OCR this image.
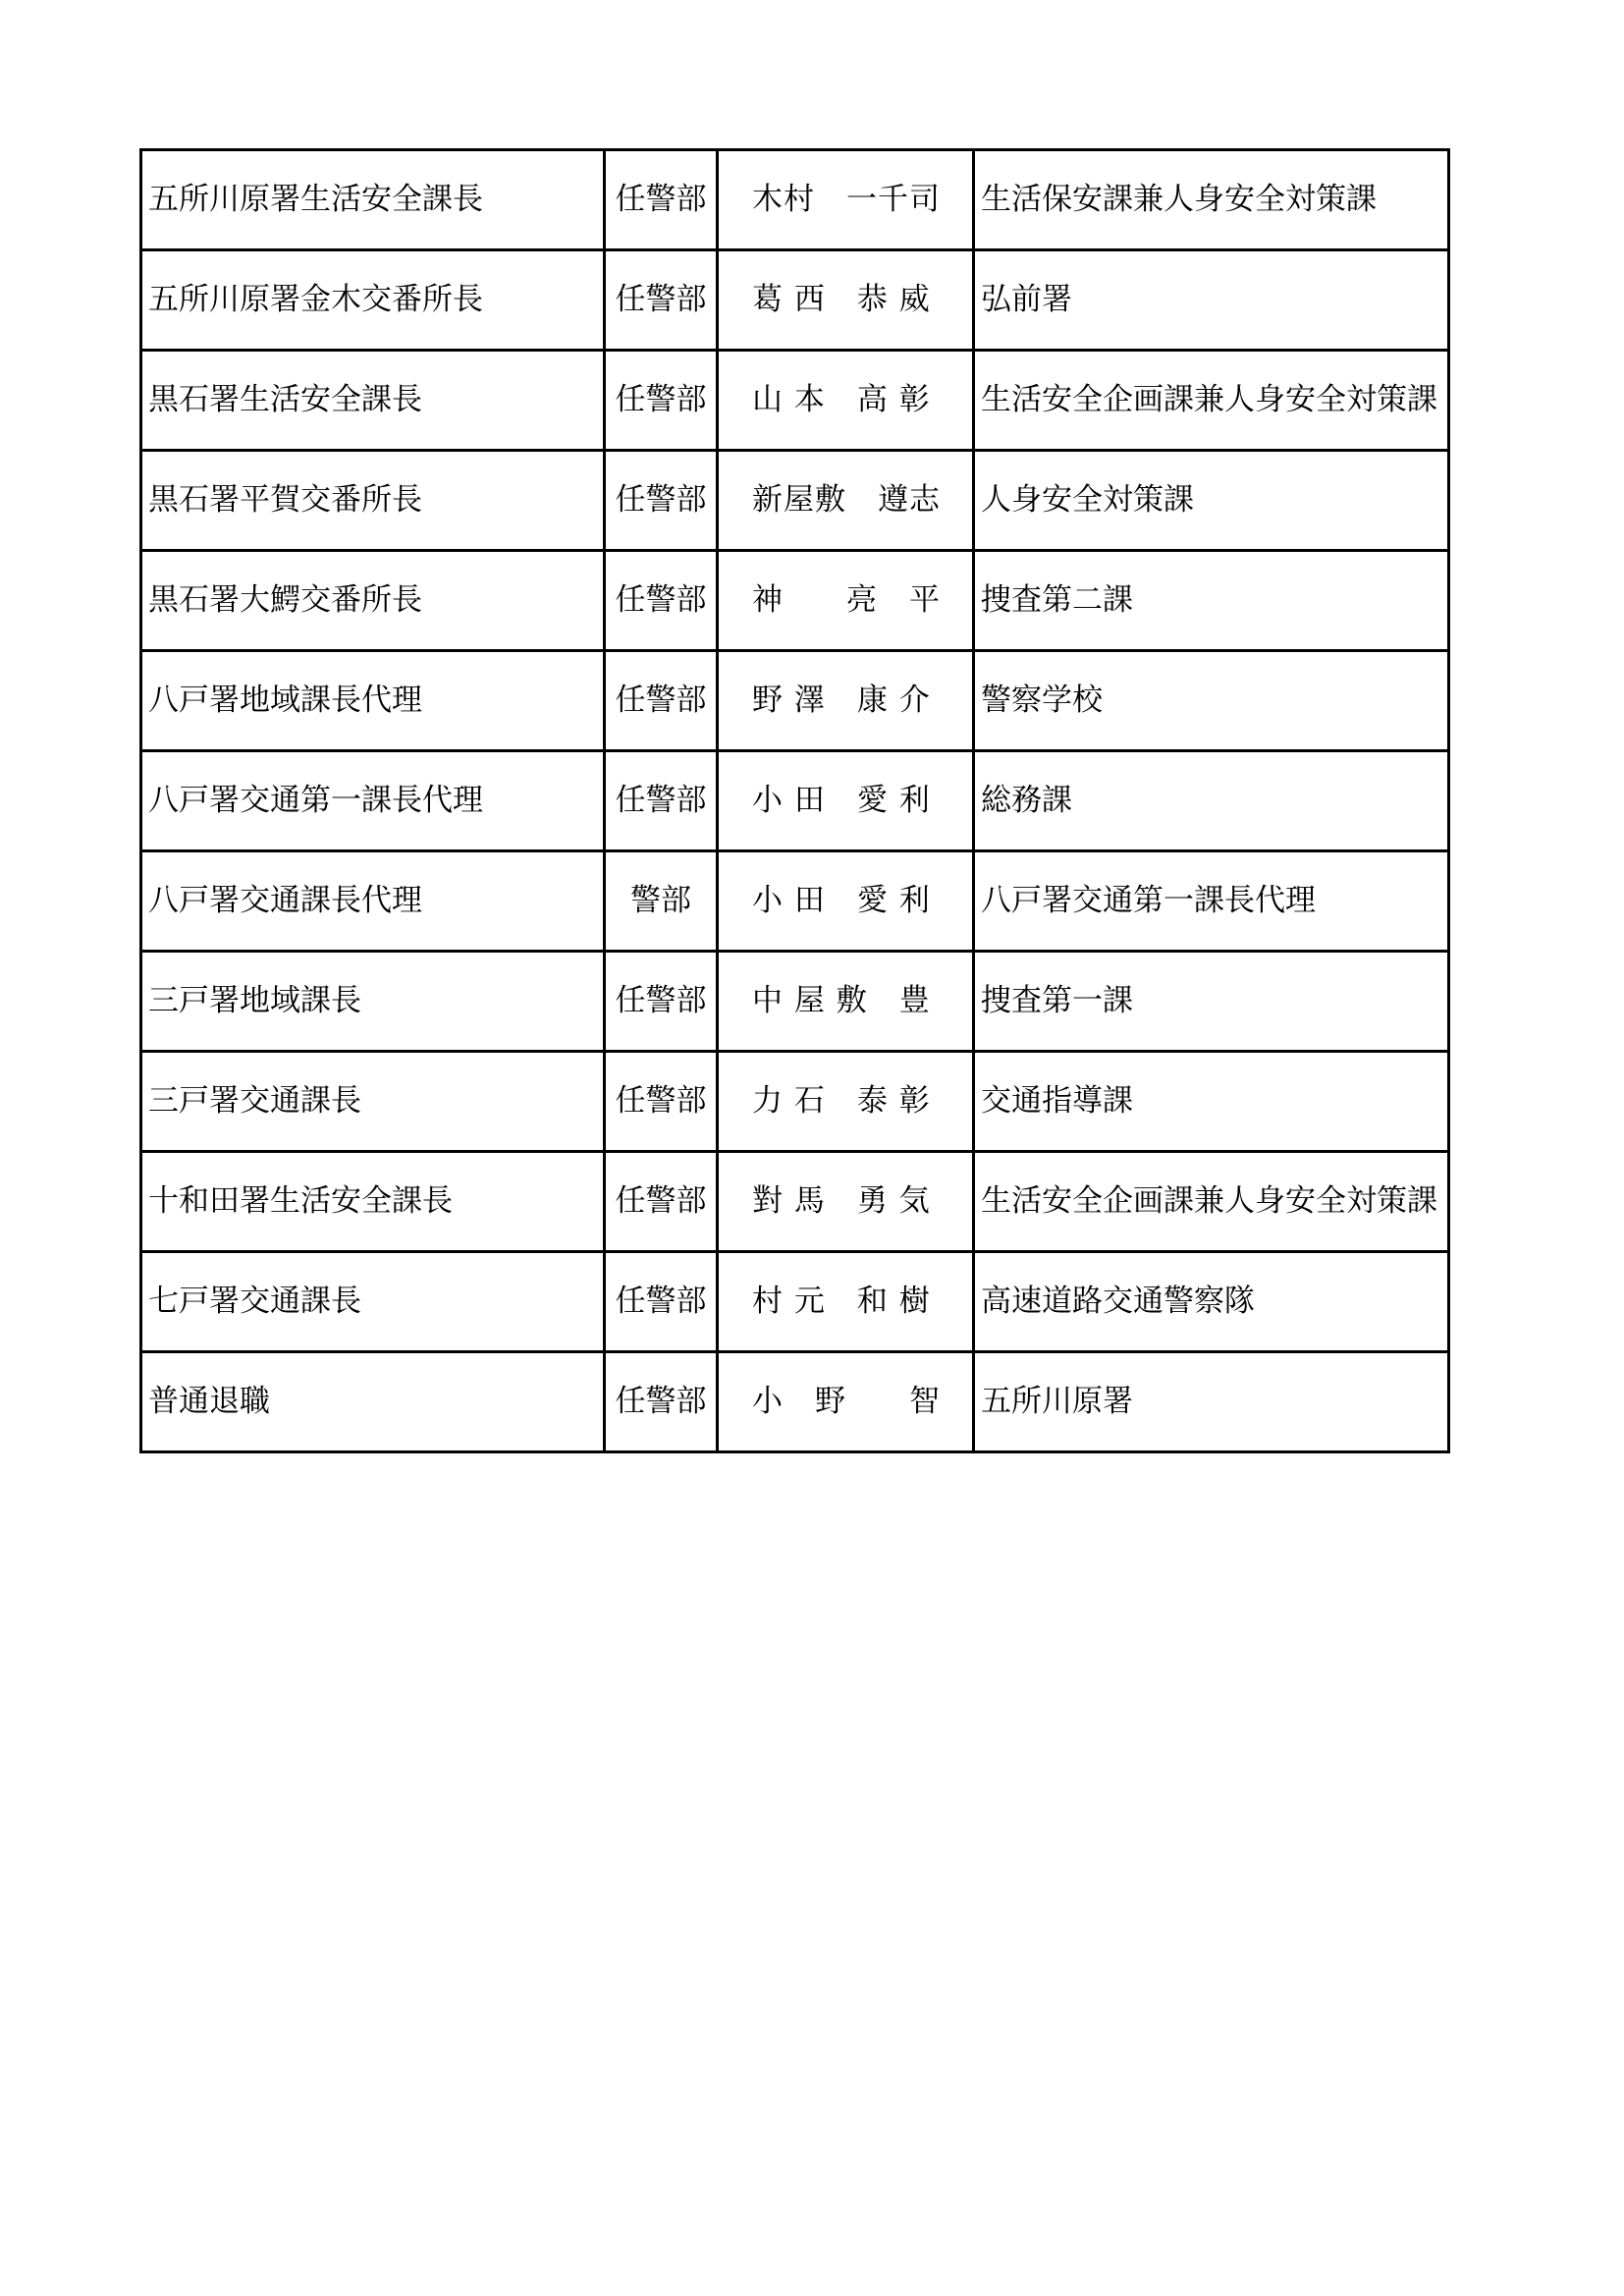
五所川原署生活安全課長	任警部	木村　一千司	生活保安課兼人身安全対策課
五所川原署金木交番所長	任警部	葛 西　恭 威	弘前署
黒石署生活安全課長	任警部	山 本　高 彰	生活安全企画課兼人身安全対策課
黒石署平賀交番所長	任警部	新屋敷　遵志	人身安全対策課
黒石署大鰐交番所長	任警部	神　　亮　平	捜査第二課
八戸署地域課長代理	任警部	野 澤　康 介	警察学校
八戸署交通第一課長代理	任警部	小 田　愛 利	総務課
八戸署交通課長代理	警部	小 田　愛 利	八戸署交通第一課長代理
三戸署地域課長	任警部	中 屋 敷　豊	捜査第一課
三戸署交通課長	任警部	力 石　泰 彰	交通指導課
十和田署生活安全課長	任警部	對 馬　勇 気	生活安全企画課兼人身安全対策課
七戸署交通課長	任警部	村 元　和 樹	高速道路交通警察隊
普通退職	任警部	小　野　　智	五所川原署
